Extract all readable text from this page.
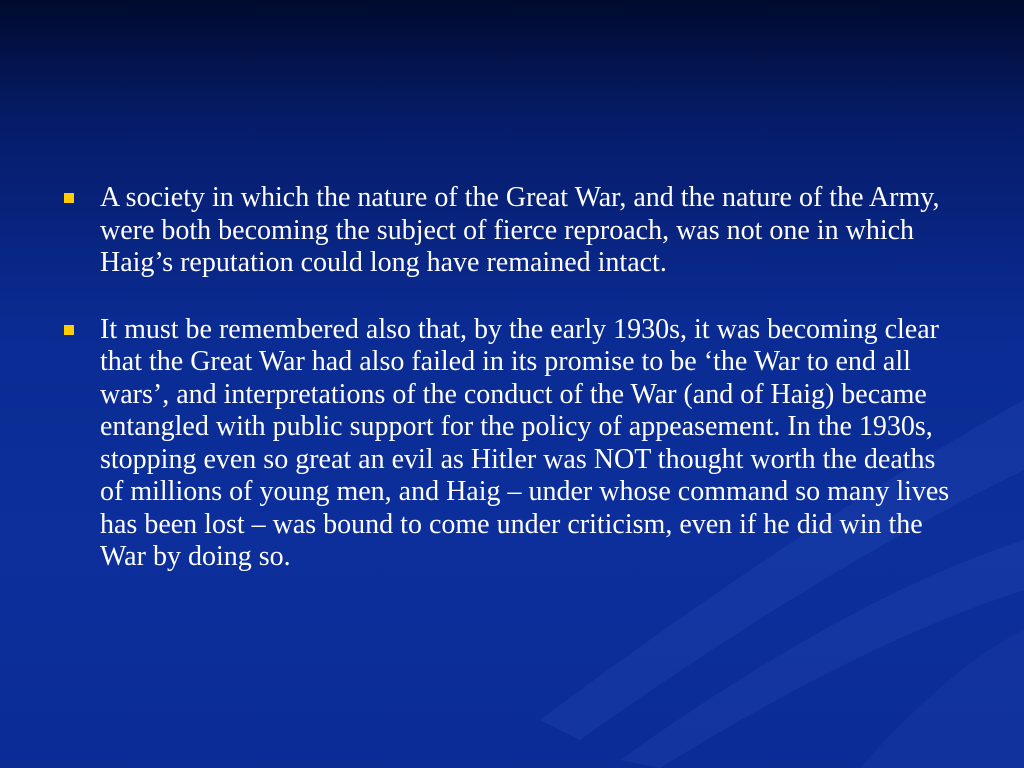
A society in which the nature of the Great War, and the nature of the Army, were both becoming the subject of fierce reproach, was not one in which Haig’s reputation could long have remained intact.
It must be remembered also that, by the early 1930s, it was becoming clear that the Great War had also failed in its promise to be ‘the War to end all wars’, and interpretations of the conduct of the War (and of Haig) became entangled with public support for the policy of appeasement. In the 1930s, stopping even so great an evil as Hitler was NOT thought worth the deaths of millions of young men, and Haig – under whose command so many lives has been lost – was bound to come under criticism, even if he did win the War by doing so.
